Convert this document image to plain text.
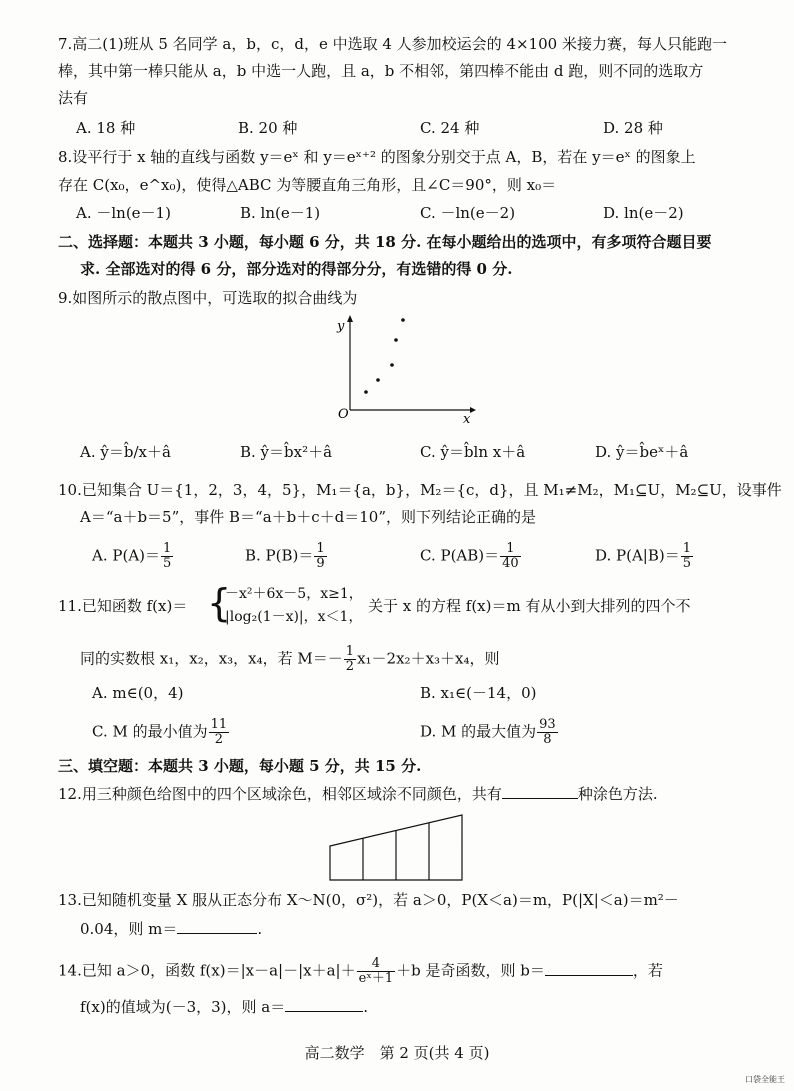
7.高二(1)班从 5 名同学 a，b，c，d，e 中选取 4 人参加校运会的 4×100 米接力赛，每人只能跑一
棒，其中第一棒只能从 a，b 中选一人跑，且 a，b 不相邻，第四棒不能由 d 跑，则不同的选取方
法有
A. 18 种	B. 20 种	C. 24 种	D. 28 种
8.设平行于 x 轴的直线与函数 y＝eˣ 和 y＝eˣ⁺² 的图象分别交于点 A，B，若在 y＝eˣ 的图象上
存在 C(x₀，e^x₀)，使得△ABC 为等腰直角三角形，且∠C＝90°，则 x₀＝
A. －ln(e－1)	B. ln(e－1)	C. －ln(e－2)	D. ln(e－2)
二、选择题：本题共 3 小题，每小题 6 分，共 18 分. 在每小题给出的选项中，有多项符合题目要
求. 全部选对的得 6 分，部分选对的得部分分，有选错的得 0 分.
9.如图所示的散点图中，可选取的拟合曲线为
y
x
O
A. ŷ＝b̂/x＋â	B. ŷ＝b̂x²＋â	C. ŷ＝b̂ln x＋â	D. ŷ＝b̂eˣ＋â
10.已知集合 U＝{1，2，3，4，5}，M₁＝{a，b}，M₂＝{c，d}，且 M₁≠M₂，M₁⊆U，M₂⊆U，设事件
A＝“a＋b＝5”，事件 B＝“a＋b＋c＋d＝10”，则下列结论正确的是
A. $P(A)= \frac{1}{5}$	B. $P(B)= \frac{1}{9}$	C. $P(AB)= \frac{1}{40}$	D. $P(A|B)= \frac{1}{5}$
11.已知函数 f(x)＝ {
－x²＋6x－5，x≥1，
|log₂(1－x)|，x＜1，
关于 x 的方程 f(x)＝m 有从小到大排列的四个不
同的实数根 x₁，x₂，x₃，x₄，若 $M=- \frac{1}{2} x_1-2x_2+x_3+x_4$，则
A. m∈(0，4)	B. x₁∈(－14，0)
C. M 的最小值为 $\frac{11}{2}$	D. M 的最大值为 $\frac{93}{8}$
三、填空题：本题共 3 小题，每小题 5 分，共 15 分.
12.用三种颜色给图中的四个区域涂色，相邻区域涂不同颜色，共有	种涂色方法.
13.已知随机变量 X 服从正态分布 X～N(0，σ²)，若 a＞0，P(X＜a)＝m，P(|X|＜a)＝m²－
0.04，则 m＝	.
14.已知 a＞0，函数 $f(x)=|x-a|-|x+a|+ \frac{4}{\text{eˣ＋1}} +b$ 是奇函数，则 b＝	，若
f(x)的值域为(－3，3)，则 a＝	.
高二数学　第 2 页(共 4 页)
口袋全能王
